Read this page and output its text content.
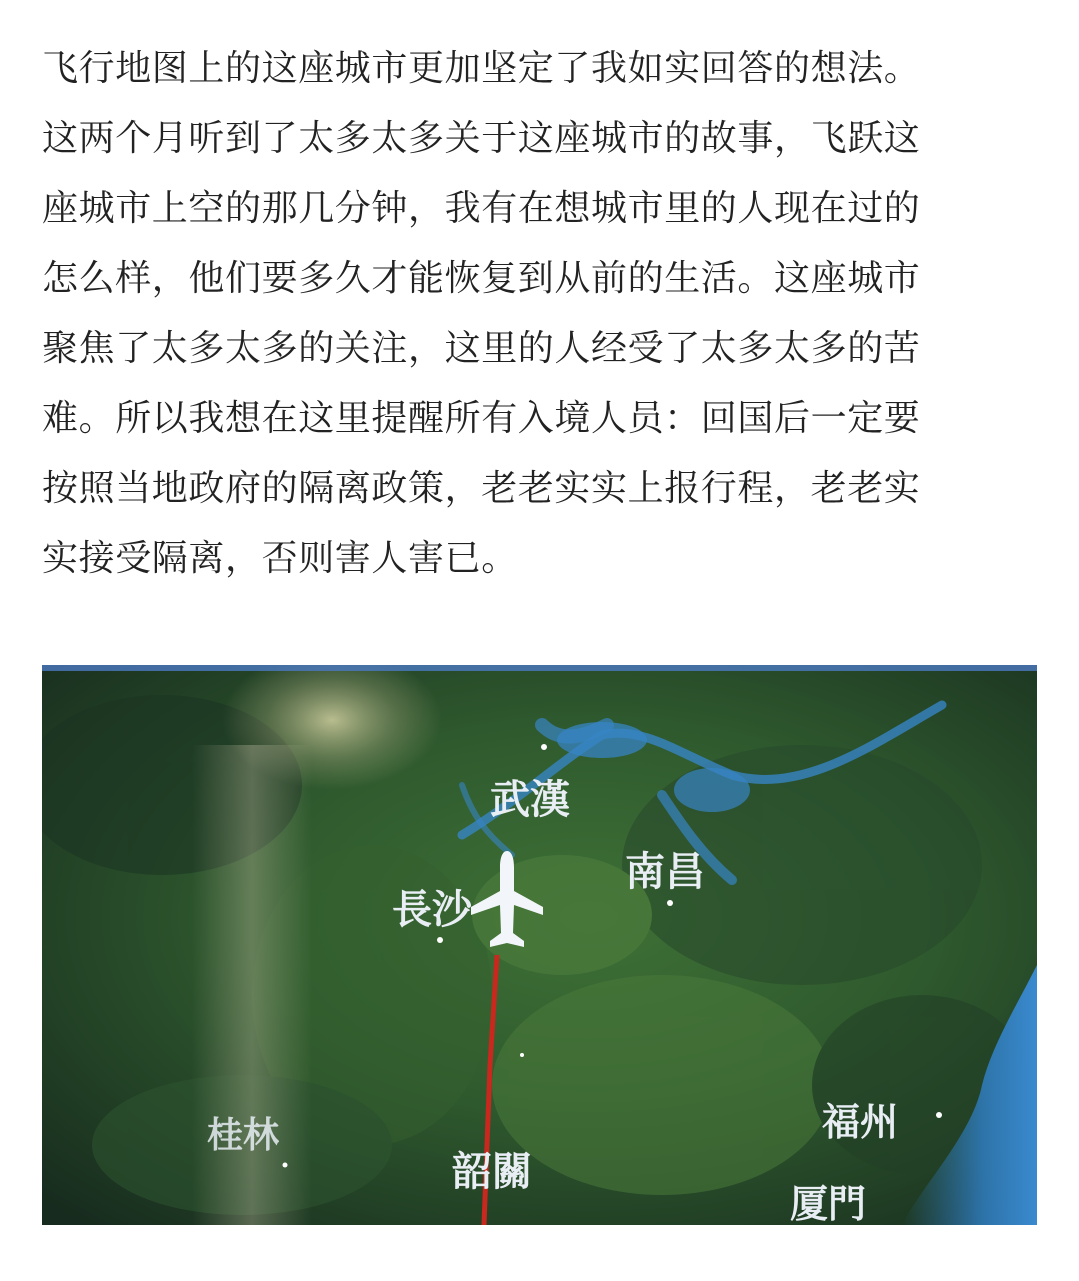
飞行地图上的这座城市更加坚定了我如实回答的想法。
这两个月听到了太多太多关于这座城市的故事，飞跃这
座城市上空的那几分钟，我有在想城市里的人现在过的
怎么样，他们要多久才能恢复到从前的生活。这座城市
聚焦了太多太多的关注，这里的人经受了太多太多的苦
难。所以我想在这里提醒所有入境人员：回国后一定要
按照当地政府的隔离政策，老老实实上报行程，老老实
实接受隔离，否则害人害已。
武漢
南昌
長沙
桂林
韶關
福州
厦門
